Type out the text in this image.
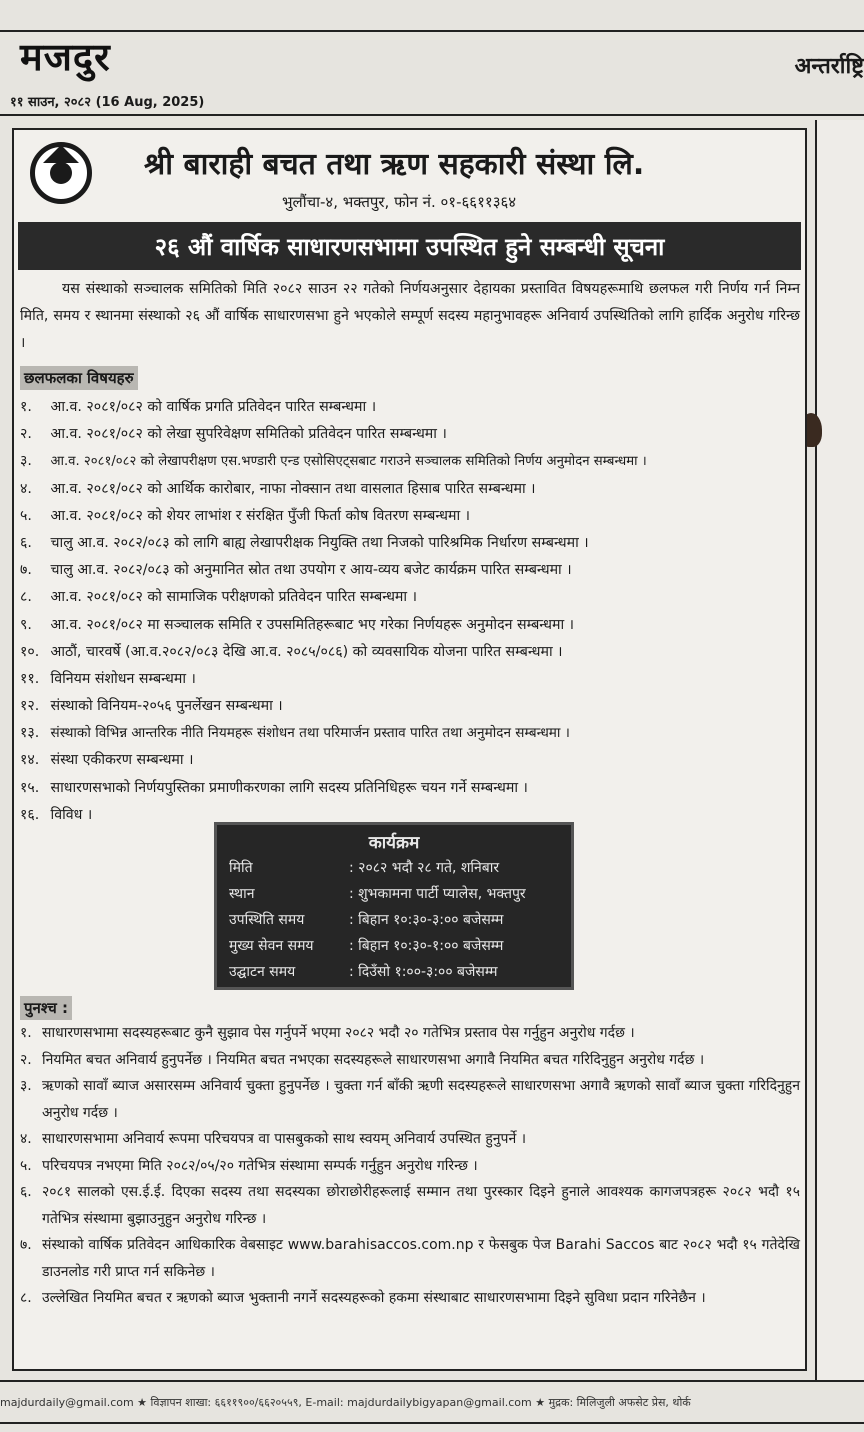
मजदुर	अन्तर्राष्ट्रि
११ साउन, २०८२ (16 Aug, 2025)
श्री बाराही बचत तथा ऋण सहकारी संस्था लि.
भुलौंचा-४, भक्तपुर, फोन नं. ०१-६६११३६४
२६ औं वार्षिक साधारणसभामा उपस्थित हुने सम्बन्धी सूचना

यस संस्थाको सञ्चालक समितिको मिति २०८२ साउन २२ गतेको निर्णयअनुसार देहायका प्रस्तावित विषयहरूमाथि छलफल गरी निर्णय गर्न निम्न मिति, समय र स्थानमा संस्थाको २६ औं वार्षिक साधारणसभा हुने भएकोले सम्पूर्ण सदस्य महानुभावहरू अनिवार्य उपस्थितिको लागि हार्दिक अनुरोध गरिन्छ ।

छलफलका विषयहरु
१. आ.व. २०८१/०८२ को वार्षिक प्रगति प्रतिवेदन पारित सम्बन्धमा ।
२. आ.व. २०८१/०८२ को लेखा सुपरिवेक्षण समितिको प्रतिवेदन पारित सम्बन्धमा ।
३. आ.व. २०८१/०८२ को लेखापरीक्षण एस.भण्डारी एन्ड एसोसिएट्सबाट गराउने सञ्चालक समितिको निर्णय अनुमोदन सम्बन्धमा ।
४. आ.व. २०८१/०८२ को आर्थिक कारोबार, नाफा नोक्सान तथा वासलात हिसाब पारित सम्बन्धमा ।
५. आ.व. २०८१/०८२ को शेयर लाभांश र संरक्षित पुँजी फिर्ता कोष वितरण सम्बन्धमा ।
६. चालु आ.व. २०८२/०८३ को लागि बाह्य लेखापरीक्षक नियुक्ति तथा निजको पारिश्रमिक निर्धारण सम्बन्धमा ।
७. चालु आ.व. २०८२/०८३ को अनुमानित स्रोत तथा उपयोग र आय-व्यय बजेट कार्यक्रम पारित सम्बन्धमा ।
८. आ.व. २०८१/०८२ को सामाजिक परीक्षणको प्रतिवेदन पारित सम्बन्धमा ।
९. आ.व. २०८१/०८२ मा सञ्चालक समिति र उपसमितिहरूबाट भए गरेका निर्णयहरू अनुमोदन सम्बन्धमा ।
१०. आठौं, चारवर्षे (आ.व.२०८२/०८३ देखि आ.व. २०८५/०८६) को व्यवसायिक योजना पारित सम्बन्धमा ।
११. विनियम संशोधन सम्बन्धमा ।
१२. संस्थाको विनियम-२०५६ पुनर्लेखन सम्बन्धमा ।
१३. संस्थाको विभिन्न आन्तरिक नीति नियमहरू संशोधन तथा परिमार्जन प्रस्ताव पारित तथा अनुमोदन सम्बन्धमा ।
१४. संस्था एकीकरण सम्बन्धमा ।
१५. साधारणसभाको निर्णयपुस्तिका प्रमाणीकरणका लागि सदस्य प्रतिनिधिहरू चयन गर्ने सम्बन्धमा ।
१६. विविध ।
कार्यक्रम
मिति	: २०८२ भदौ २८ गते, शनिबार
स्थान	: शुभकामना पार्टी प्यालेस, भक्तपुर
उपस्थिति समय	: बिहान १०:३०-३:०० बजेसम्म
मुख्य सेवन समय	: बिहान १०:३०-१:०० बजेसम्म
उद्घाटन समय	: दिउँसो १:००-३:०० बजेसम्म
पुनश्च :
१. साधारणसभामा सदस्यहरूबाट कुनै सुझाव पेस गर्नुपर्ने भएमा २०८२ भदौ २० गतेभित्र प्रस्ताव पेस गर्नुहुन अनुरोध गर्दछ ।
२. नियमित बचत अनिवार्य हुनुपर्नेछ । नियमित बचत नभएका सदस्यहरूले साधारणसभा अगावै नियमित बचत गरिदिनुहुन अनुरोध गर्दछ ।
३. ऋणको सावाँ ब्याज असारसम्म अनिवार्य चुक्ता हुनुपर्नेछ । चुक्ता गर्न बाँकी ऋणी सदस्यहरूले साधारणसभा अगावै ऋणको सावाँ ब्याज चुक्ता गरिदिनुहुन अनुरोध गर्दछ ।
४. साधारणसभामा अनिवार्य रूपमा परिचयपत्र वा पासबुकको साथ स्वयम् अनिवार्य उपस्थित हुनुपर्ने ।
५. परिचयपत्र नभएमा मिति २०८२/०५/२० गतेभित्र संस्थामा सम्पर्क गर्नुहुन अनुरोध गरिन्छ ।
६. २०८१ सालको एस.ई.ई. दिएका सदस्य तथा सदस्यका छोराछोरीहरूलाई सम्मान तथा पुरस्कार दिइने हुनाले आवश्यक कागजपत्रहरू २०८२ भदौ १५ गतेभित्र संस्थामा बुझाउनुहुन अनुरोध गरिन्छ ।
७. संस्थाको वार्षिक प्रतिवेदन आधिकारिक वेबसाइट www.barahisaccos.com.np र फेसबुक पेज Barahi Saccos बाट २०८२ भदौ १५ गतेदेखि डाउनलोड गरी प्राप्त गर्न सकिनेछ ।
८. उल्लेखित नियमित बचत र ऋणको ब्याज भुक्तानी नगर्ने सदस्यहरूको हकमा संस्थाबाट साधारणसभामा दिइने सुविधा प्रदान गरिनेछैन ।
majdurdaily@gmail.com ★ विज्ञापन शाखा: ६६११९००/६६२०५५९, E-mail: majdurdailybigyapan@gmail.com ★ मुद्रक: मिलिजुली अफसेट प्रेस, थोर्क
